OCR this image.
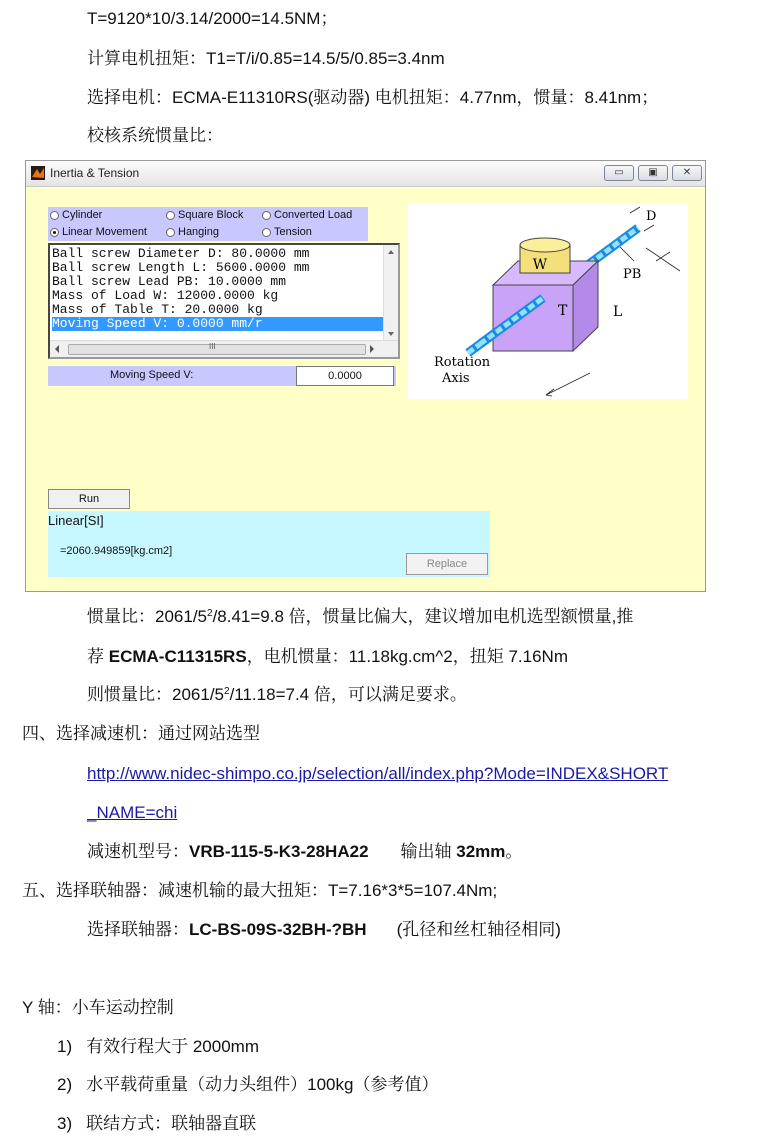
T=9120*10/3.14/2000=14.5NM；
计算电机扭矩：T1=T/i/0.85=14.5/5/0.85=3.4nm
选择电机：ECMA-E11310RS(驱动器) 电机扭矩：4.77nm，惯量：8.41nm；
校核系统惯量比：
Inertia & Tension	▭	▣	✕
Cylinder	Square Block	Converted Load
Linear Movement	Hanging	Tension
Ball screw Diameter D: 80.0000 mm
Ball screw Length L: 5600.0000 mm
Ball screw Lead PB: 10.0000 mm
Mass of Load W: 12000.0000 kg
Mass of Table T: 20.0000 kg
Moving Speed V: 0.0000 mm/r
III
Moving Speed V:	0.0000
W
T
D
PB
L
Rotation
Axis
Run
Linear[SI]
=2060.949859[kg.cm2]
Replace
惯量比：$2061/5^2/8.41=9.8$ 倍，惯量比偏大，建议增加电机选型额惯量,推
荐 ECMA-C11315RS，电机惯量：11.18kg.cm^2，扭矩 7.16Nm
则惯量比：$2061/5^2/11.18=7.4$ 倍，可以满足要求。
四、选择减速机：通过网站选型
http://www.nidec-shimpo.co.jp/selection/all/index.php?Mode=INDEX&SHORT
_NAME=chi
减速机型号：VRB-115-5-K3-28HA22 输出轴 32mm。
五、选择联轴器：减速机输的最大扭矩：T=7.16*3*5=107.4Nm;
选择联轴器：LC-BS-09S-32BH-?BH (孔径和丝杠轴径相同)
Y 轴：小车运动控制
1) 有效行程大于 2000mm
2) 水平载荷重量（动力头组件）100kg（参考值）
3) 联结方式：联轴器直联
